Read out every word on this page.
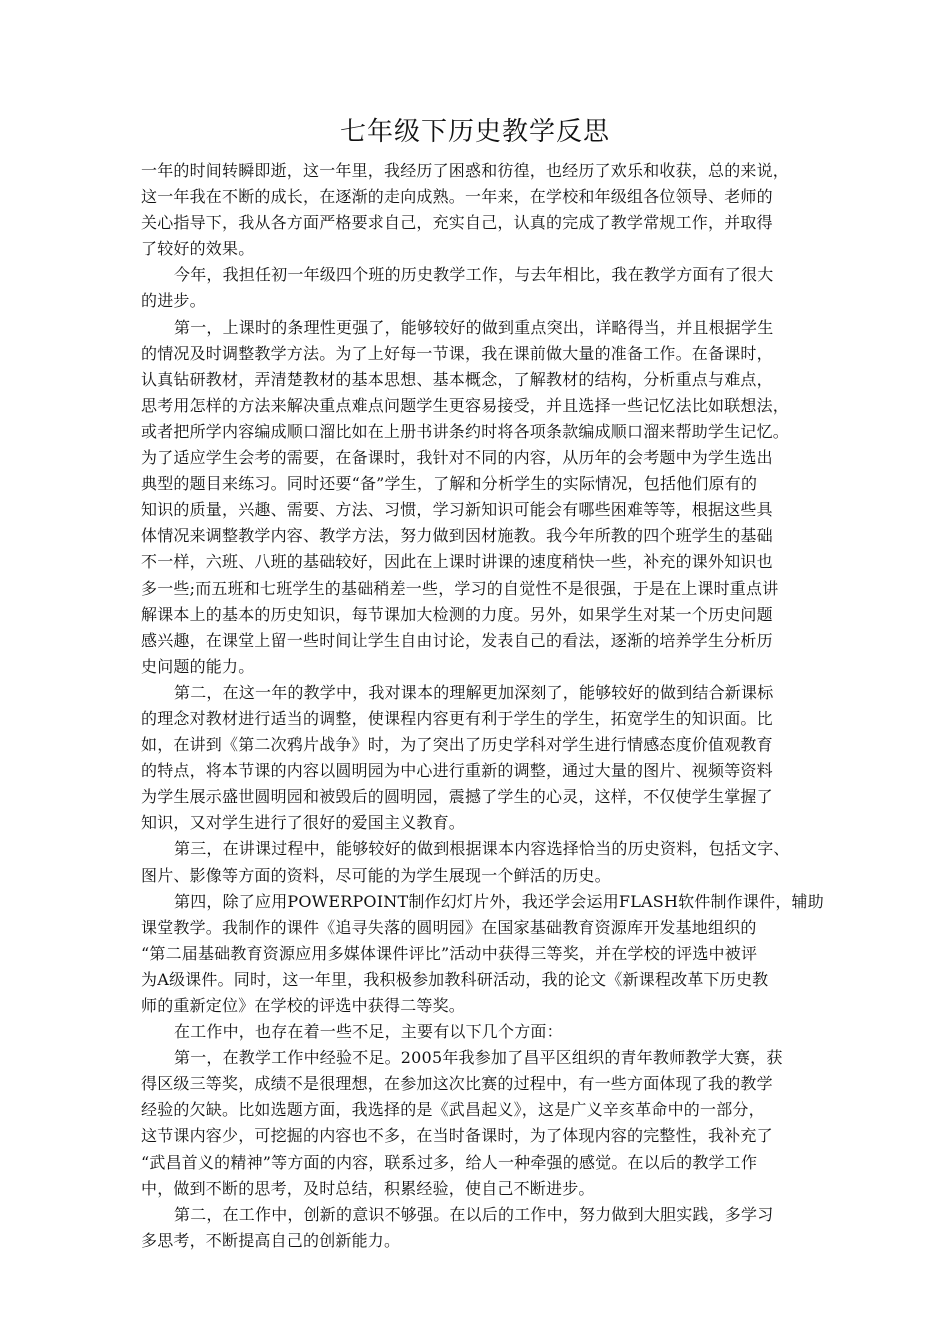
七年级下历史教学反思
一年的时间转瞬即逝，这一年里，我经历了困惑和彷徨，也经历了欢乐和收获，总的来说，
这一年我在不断的成长，在逐渐的走向成熟。一年来，在学校和年级组各位领导、老师的
关心指导下，我从各方面严格要求自己，充实自己，认真的完成了教学常规工作，并取得
了较好的效果。
今年，我担任初一年级四个班的历史教学工作，与去年相比，我在教学方面有了很大
的进步。
第一，上课时的条理性更强了，能够较好的做到重点突出，详略得当，并且根据学生
的情况及时调整教学方法。为了上好每一节课，我在课前做大量的准备工作。在备课时，
认真钻研教材，弄清楚教材的基本思想、基本概念，了解教材的结构，分析重点与难点，
思考用怎样的方法来解决重点难点问题学生更容易接受，并且选择一些记忆法比如联想法，
或者把所学内容编成顺口溜比如在上册书讲条约时将各项条款编成顺口溜来帮助学生记忆。
为了适应学生会考的需要，在备课时，我针对不同的内容，从历年的会考题中为学生选出
典型的题目来练习。同时还要“备”学生，了解和分析学生的实际情况，包括他们原有的
知识的质量，兴趣、需要、方法、习惯，学习新知识可能会有哪些困难等等，根据这些具
体情况来调整教学内容、教学方法，努力做到因材施教。我今年所教的四个班学生的基础
不一样，六班、八班的基础较好，因此在上课时讲课的速度稍快一些，补充的课外知识也
多一些;而五班和七班学生的基础稍差一些，学习的自觉性不是很强，于是在上课时重点讲
解课本上的基本的历史知识，每节课加大检测的力度。另外，如果学生对某一个历史问题
感兴趣，在课堂上留一些时间让学生自由讨论，发表自己的看法，逐渐的培养学生分析历
史问题的能力。
第二，在这一年的教学中，我对课本的理解更加深刻了，能够较好的做到结合新课标
的理念对教材进行适当的调整，使课程内容更有利于学生的学生，拓宽学生的知识面。比
如，在讲到《第二次鸦片战争》时，为了突出了历史学科对学生进行情感态度价值观教育
的特点，将本节课的内容以圆明园为中心进行重新的调整，通过大量的图片、视频等资料
为学生展示盛世圆明园和被毁后的圆明园，震撼了学生的心灵，这样，不仅使学生掌握了
知识，又对学生进行了很好的爱国主义教育。
第三，在讲课过程中，能够较好的做到根据课本内容选择恰当的历史资料，包括文字、
图片、影像等方面的资料，尽可能的为学生展现一个鲜活的历史。
第四，除了应用POWERPOINT制作幻灯片外，我还学会运用FLASH软件制作课件，辅助
课堂教学。我制作的课件《追寻失落的圆明园》在国家基础教育资源库开发基地组织的
“第二届基础教育资源应用多媒体课件评比”活动中获得三等奖，并在学校的评选中被评
为A级课件。同时，这一年里，我积极参加教科研活动，我的论文《新课程改革下历史教
师的重新定位》在学校的评选中获得二等奖。
在工作中，也存在着一些不足，主要有以下几个方面：
第一，在教学工作中经验不足。2005年我参加了昌平区组织的青年教师教学大赛，获
得区级三等奖，成绩不是很理想，在参加这次比赛的过程中，有一些方面体现了我的教学
经验的欠缺。比如选题方面，我选择的是《武昌起义》，这是广义辛亥革命中的一部分，
这节课内容少，可挖掘的内容也不多，在当时备课时，为了体现内容的完整性，我补充了
“武昌首义的精神”等方面的内容，联系过多，给人一种牵强的感觉。在以后的教学工作
中，做到不断的思考，及时总结，积累经验，使自己不断进步。
第二，在工作中，创新的意识不够强。在以后的工作中，努力做到大胆实践，多学习
多思考，不断提高自己的创新能力。
